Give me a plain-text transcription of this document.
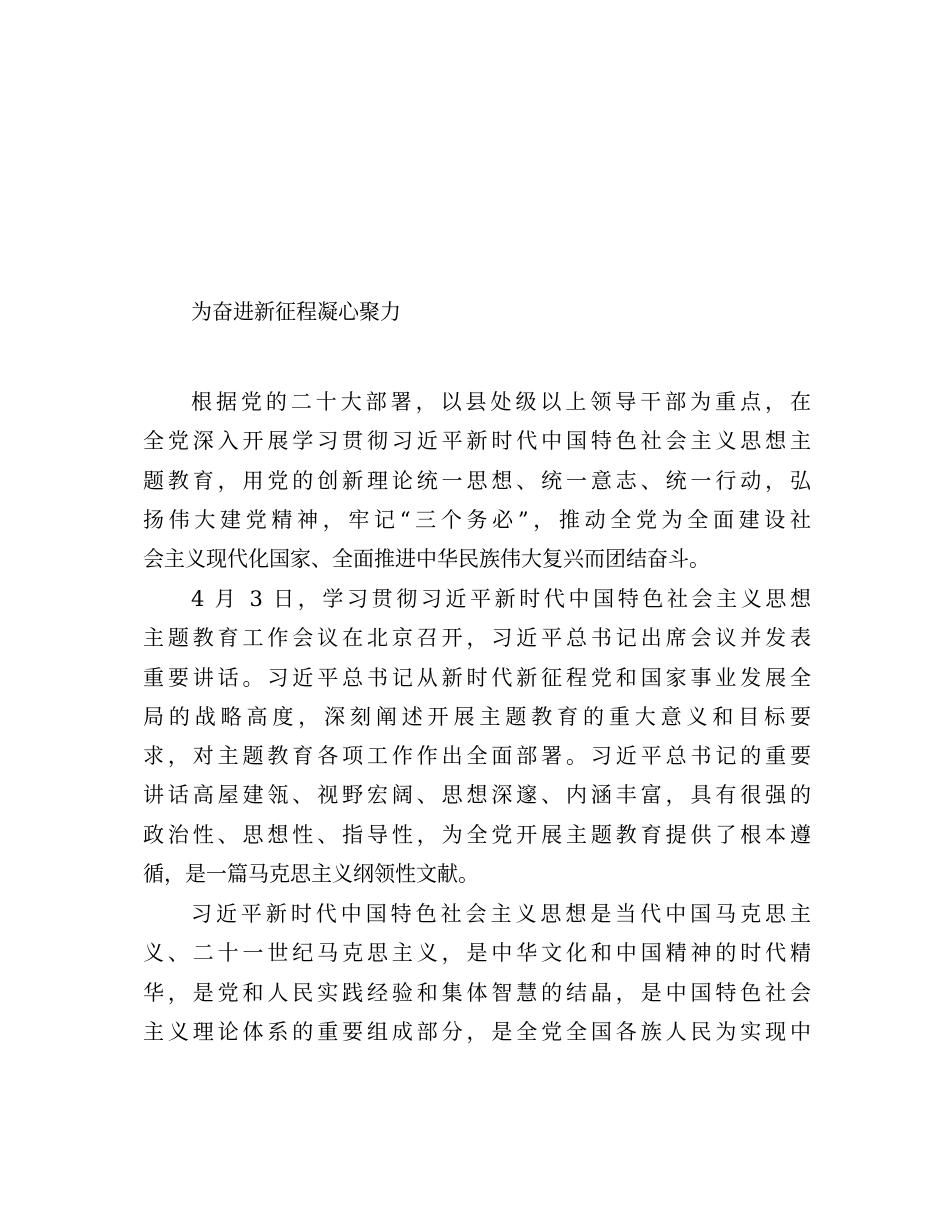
为奋进新征程凝心聚力
根据党的二十大部署，以县处级以上领导干部为重点，在
全党深入开展学习贯彻习近平新时代中国特色社会主义思想主
题教育，用党的创新理论统一思想、统一意志、统一行动，弘
扬伟大建党精神，牢记“三个务必”，推动全党为全面建设社
会主义现代化国家、全面推进中华民族伟大复兴而团结奋斗。
4 月 3 日，学习贯彻习近平新时代中国特色社会主义思想
主题教育工作会议在北京召开，习近平总书记出席会议并发表
重要讲话。习近平总书记从新时代新征程党和国家事业发展全
局的战略高度，深刻阐述开展主题教育的重大意义和目标要
求，对主题教育各项工作作出全面部署。习近平总书记的重要
讲话高屋建瓴、视野宏阔、思想深邃、内涵丰富，具有很强的
政治性、思想性、指导性，为全党开展主题教育提供了根本遵
循，是一篇马克思主义纲领性文献。
习近平新时代中国特色社会主义思想是当代中国马克思主
义、二十一世纪马克思主义，是中华文化和中国精神的时代精
华，是党和人民实践经验和集体智慧的结晶，是中国特色社会
主义理论体系的重要组成部分，是全党全国各族人民为实现中
